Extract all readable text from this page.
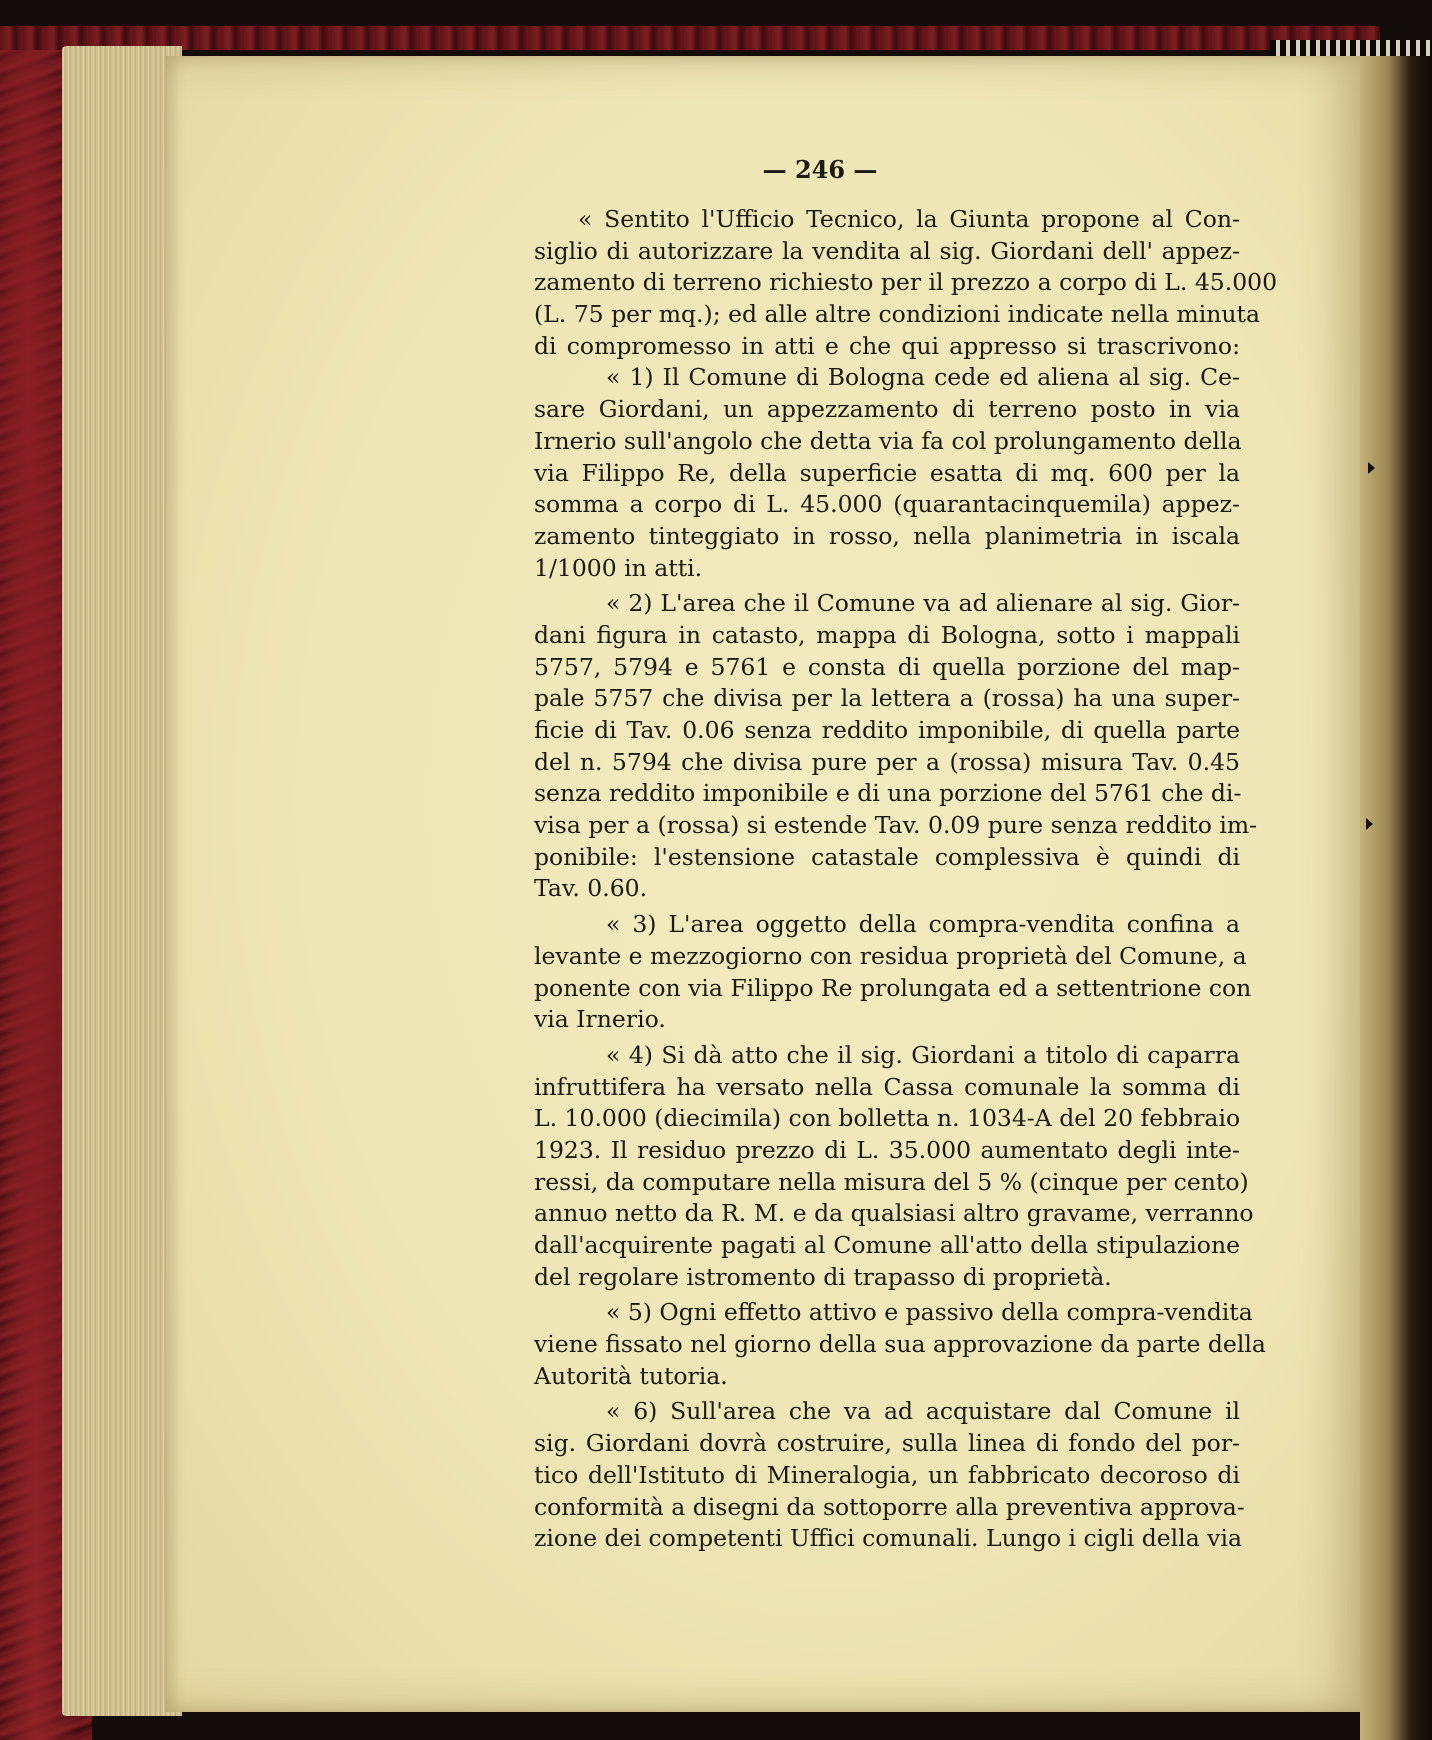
— 246 —
« Sentito l'Ufficio Tecnico, la Giunta propone al Con-
siglio di autorizzare la vendita al sig. Giordani dell' appez-
zamento di terreno richiesto per il prezzo a corpo di L. 45.000
(L. 75 per mq.); ed alle altre condizioni indicate nella minuta
di compromesso in atti e che qui appresso si trascrivono:
« 1) Il Comune di Bologna cede ed aliena al sig. Ce-
sare Giordani, un appezzamento di terreno posto in via
Irnerio sull'angolo che detta via fa col prolungamento della
via Filippo Re, della superficie esatta di mq. 600 per la
somma a corpo di L. 45.000 (quarantacinquemila) appez-
zamento tinteggiato in rosso, nella planimetria in iscala
1/1000 in atti.
« 2) L'area che il Comune va ad alienare al sig. Gior-
dani figura in catasto, mappa di Bologna, sotto i mappali
5757, 5794 e 5761 e consta di quella porzione del map-
pale 5757 che divisa per la lettera a (rossa) ha una super-
ficie di Tav. 0.06 senza reddito imponibile, di quella parte
del n. 5794 che divisa pure per a (rossa) misura Tav. 0.45
senza reddito imponibile e di una porzione del 5761 che di-
visa per a (rossa) si estende Tav. 0.09 pure senza reddito im-
ponibile: l'estensione catastale complessiva è quindi di
Tav. 0.60.
« 3) L'area oggetto della compra-vendita confina a
levante e mezzogiorno con residua proprietà del Comune, a
ponente con via Filippo Re prolungata ed a settentrione con
via Irnerio.
« 4) Si dà atto che il sig. Giordani a titolo di caparra
infruttifera ha versato nella Cassa comunale la somma di
L. 10.000 (diecimila) con bolletta n. 1034-A del 20 febbraio
1923. Il residuo prezzo di L. 35.000 aumentato degli inte-
ressi, da computare nella misura del 5 % (cinque per cento)
annuo netto da R. M. e da qualsiasi altro gravame, verranno
dall'acquirente pagati al Comune all'atto della stipulazione
del regolare istromento di trapasso di proprietà.
« 5) Ogni effetto attivo e passivo della compra-vendita
viene fissato nel giorno della sua approvazione da parte della
Autorità tutoria.
« 6) Sull'area che va ad acquistare dal Comune il
sig. Giordani dovrà costruire, sulla linea di fondo del por-
tico dell'Istituto di Mineralogia, un fabbricato decoroso di
conformità a disegni da sottoporre alla preventiva approva-
zione dei competenti Uffici comunali. Lungo i cigli della via
